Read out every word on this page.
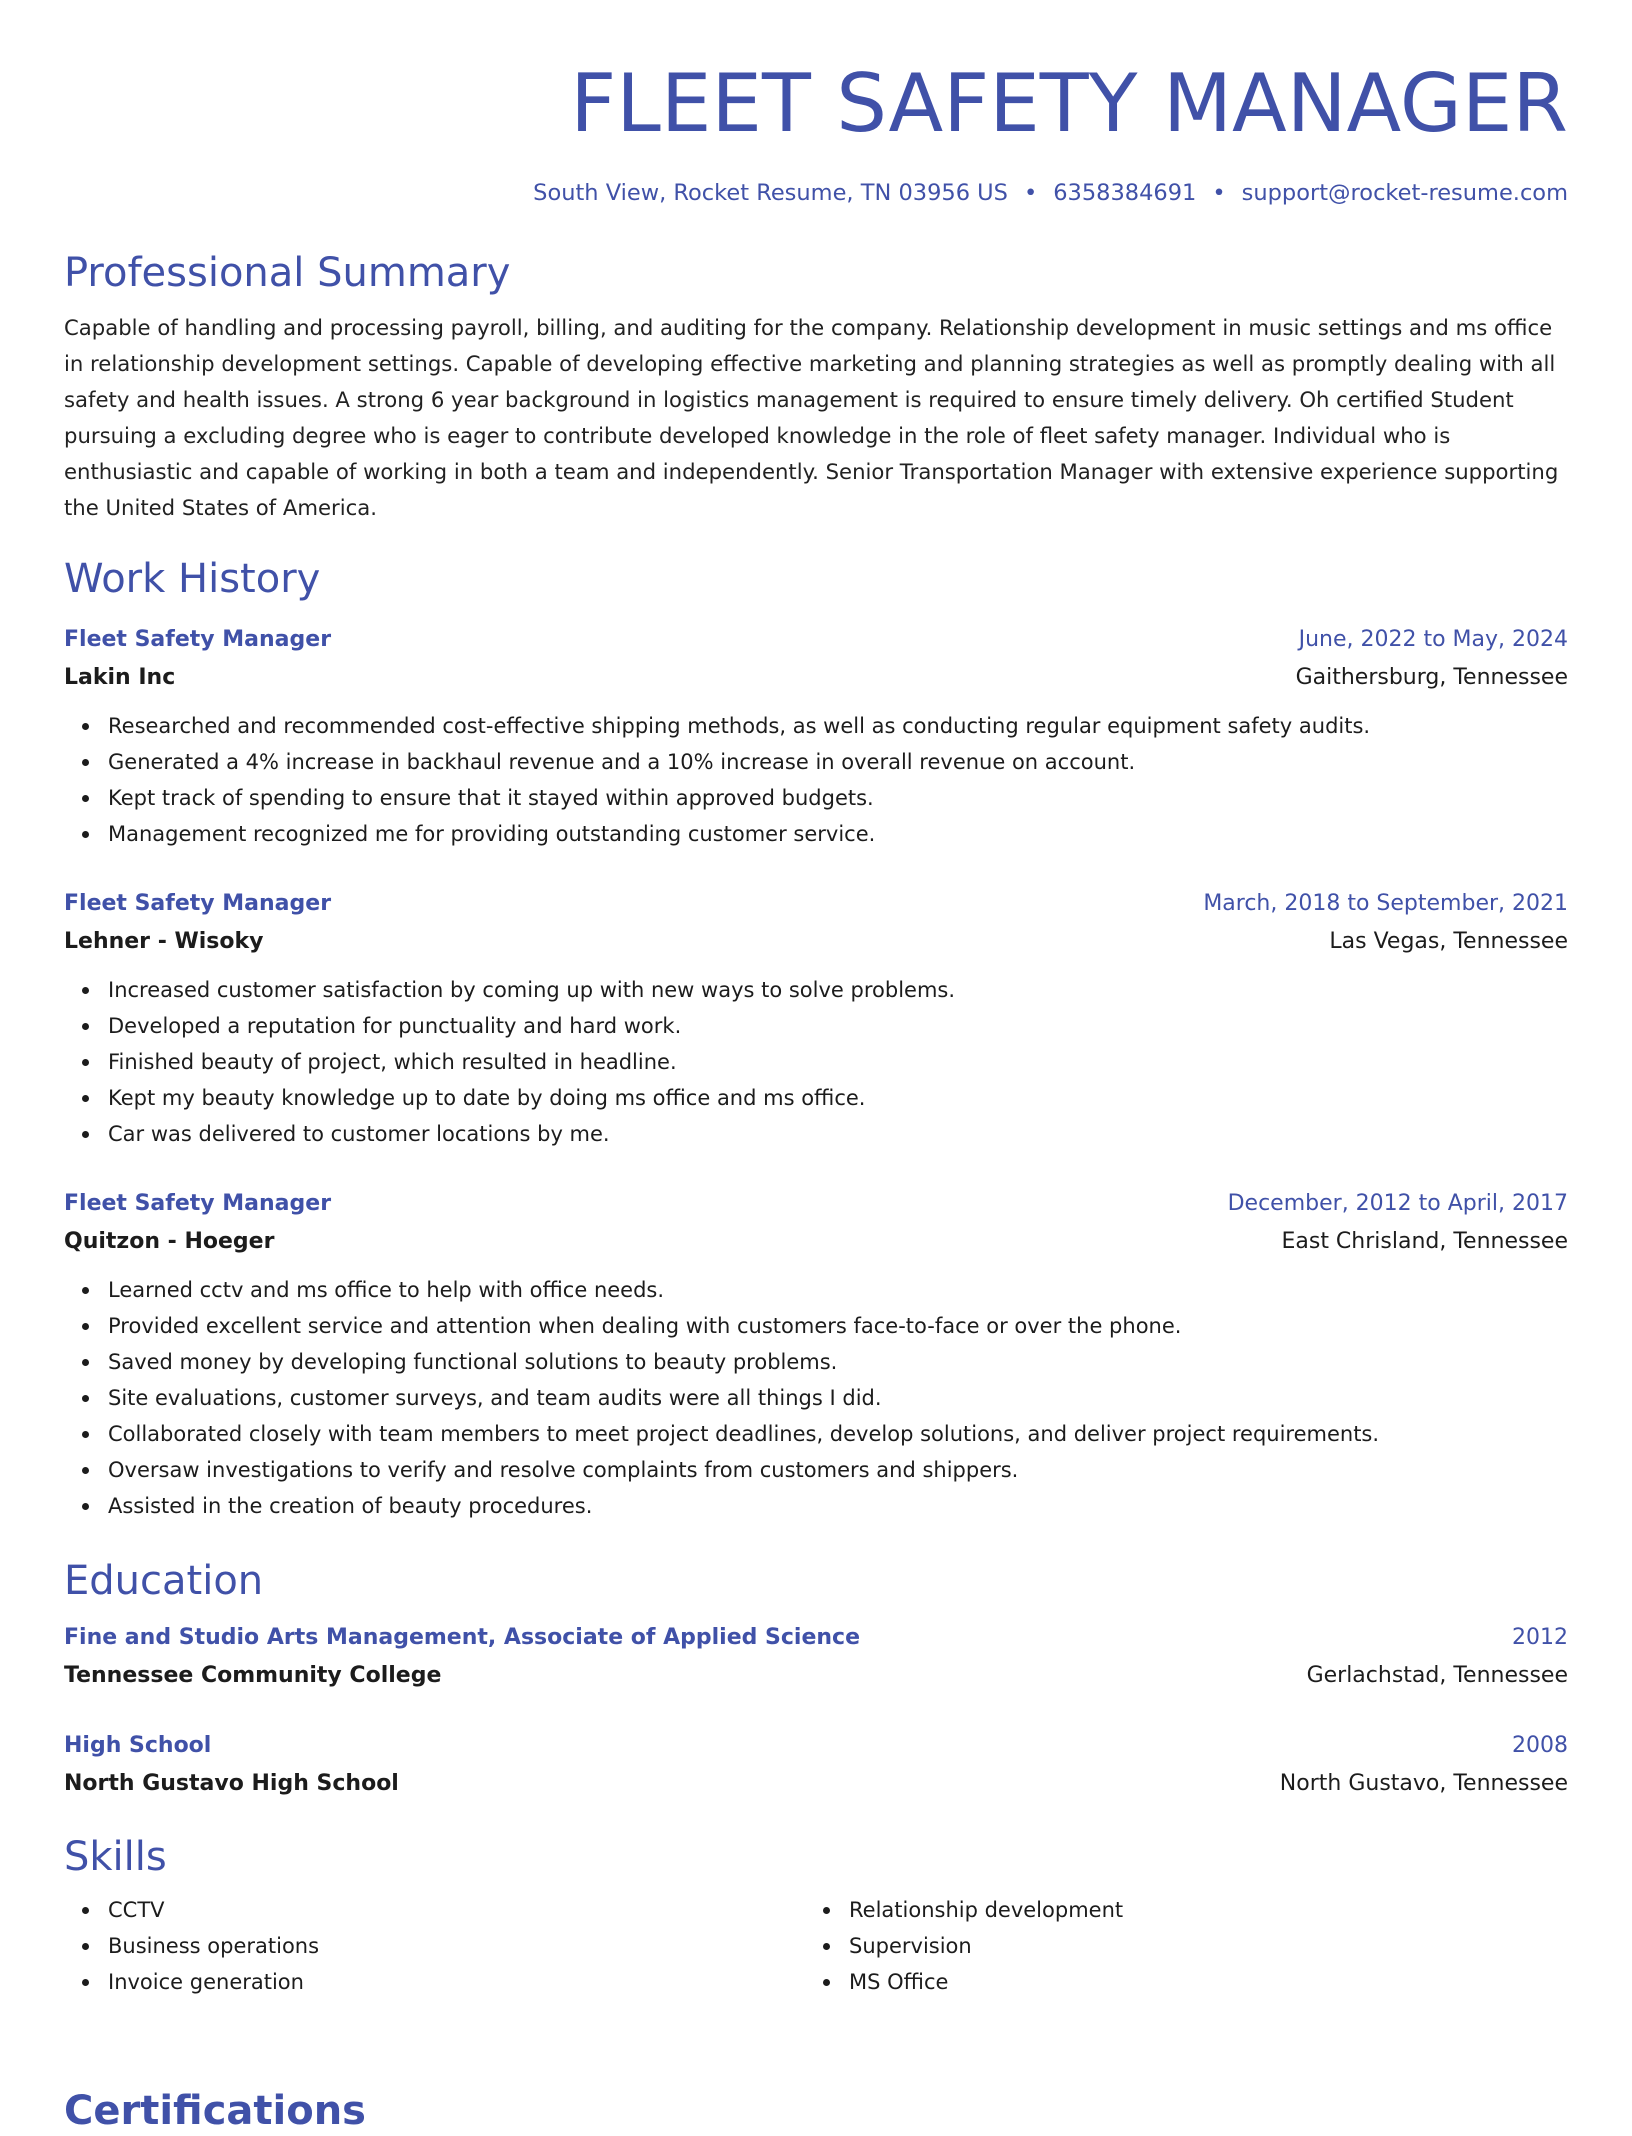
FLEET SAFETY MANAGER
South View, Rocket Resume, TN 03956 US • 6358384691 • support@rocket-resume.com
Professional Summary
Capable of handling and processing payroll, billing, and auditing for the company. Relationship development in music settings and ms office in relationship development settings. Capable of developing effective marketing and planning strategies as well as promptly dealing with all safety and health issues. A strong 6 year background in logistics management is required to ensure timely delivery. Oh certified Student pursuing a excluding degree who is eager to contribute developed knowledge in the role of fleet safety manager. Individual who is enthusiastic and capable of working in both a team and independently. Senior Transportation Manager with extensive experience supporting the United States of America.
Work History
Fleet Safety Manager	June, 2022 to May, 2024
Lakin Inc	Gaithersburg, Tennessee
Researched and recommended cost-effective shipping methods, as well as conducting regular equipment safety audits.
Generated a 4% increase in backhaul revenue and a 10% increase in overall revenue on account.
Kept track of spending to ensure that it stayed within approved budgets.
Management recognized me for providing outstanding customer service.
Fleet Safety Manager	March, 2018 to September, 2021
Lehner - Wisoky	Las Vegas, Tennessee
Increased customer satisfaction by coming up with new ways to solve problems.
Developed a reputation for punctuality and hard work.
Finished beauty of project, which resulted in headline.
Kept my beauty knowledge up to date by doing ms office and ms office.
Car was delivered to customer locations by me.
Fleet Safety Manager	December, 2012 to April, 2017
Quitzon - Hoeger	East Chrisland, Tennessee
Learned cctv and ms office to help with office needs.
Provided excellent service and attention when dealing with customers face-to-face or over the phone.
Saved money by developing functional solutions to beauty problems.
Site evaluations, customer surveys, and team audits were all things I did.
Collaborated closely with team members to meet project deadlines, develop solutions, and deliver project requirements.
Oversaw investigations to verify and resolve complaints from customers and shippers.
Assisted in the creation of beauty procedures.
Education
Fine and Studio Arts Management, Associate of Applied Science	2012
Tennessee Community College	Gerlachstad, Tennessee
High School	2008
North Gustavo High School	North Gustavo, Tennessee
Skills
CCTV
Business operations
Invoice generation
Relationship development
Supervision
MS Office
Certifications
